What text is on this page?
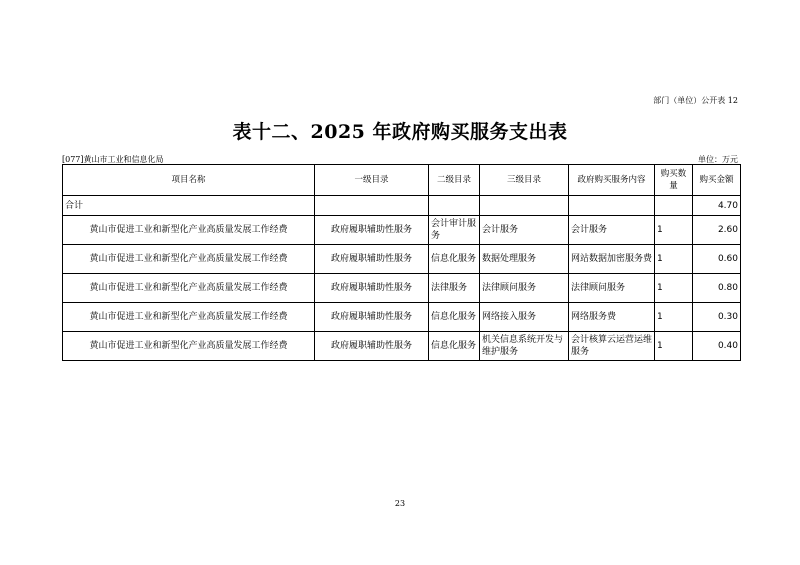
部门（单位）公开表 12
表十二、2025 年政府购买服务支出表
[077]黄山市工业和信息化局	单位：万元
项目名称	一级目录	二级目录	三级目录	政府购买服务内容	购买数量	购买金额
合计						4.70
黄山市促进工业和新型化产业高质量发展工作经费	政府履职辅助性服务	会计审计服务	会计服务	会计服务	1	2.60
黄山市促进工业和新型化产业高质量发展工作经费	政府履职辅助性服务	信息化服务	数据处理服务	网站数据加密服务费	1	0.60
黄山市促进工业和新型化产业高质量发展工作经费	政府履职辅助性服务	法律服务	法律顾问服务	法律顾问服务	1	0.80
黄山市促进工业和新型化产业高质量发展工作经费	政府履职辅助性服务	信息化服务	网络接入服务	网络服务费	1	0.30
黄山市促进工业和新型化产业高质量发展工作经费	政府履职辅助性服务	信息化服务	机关信息系统开发与维护服务	会计核算云运营运维服务	1	0.40
23
